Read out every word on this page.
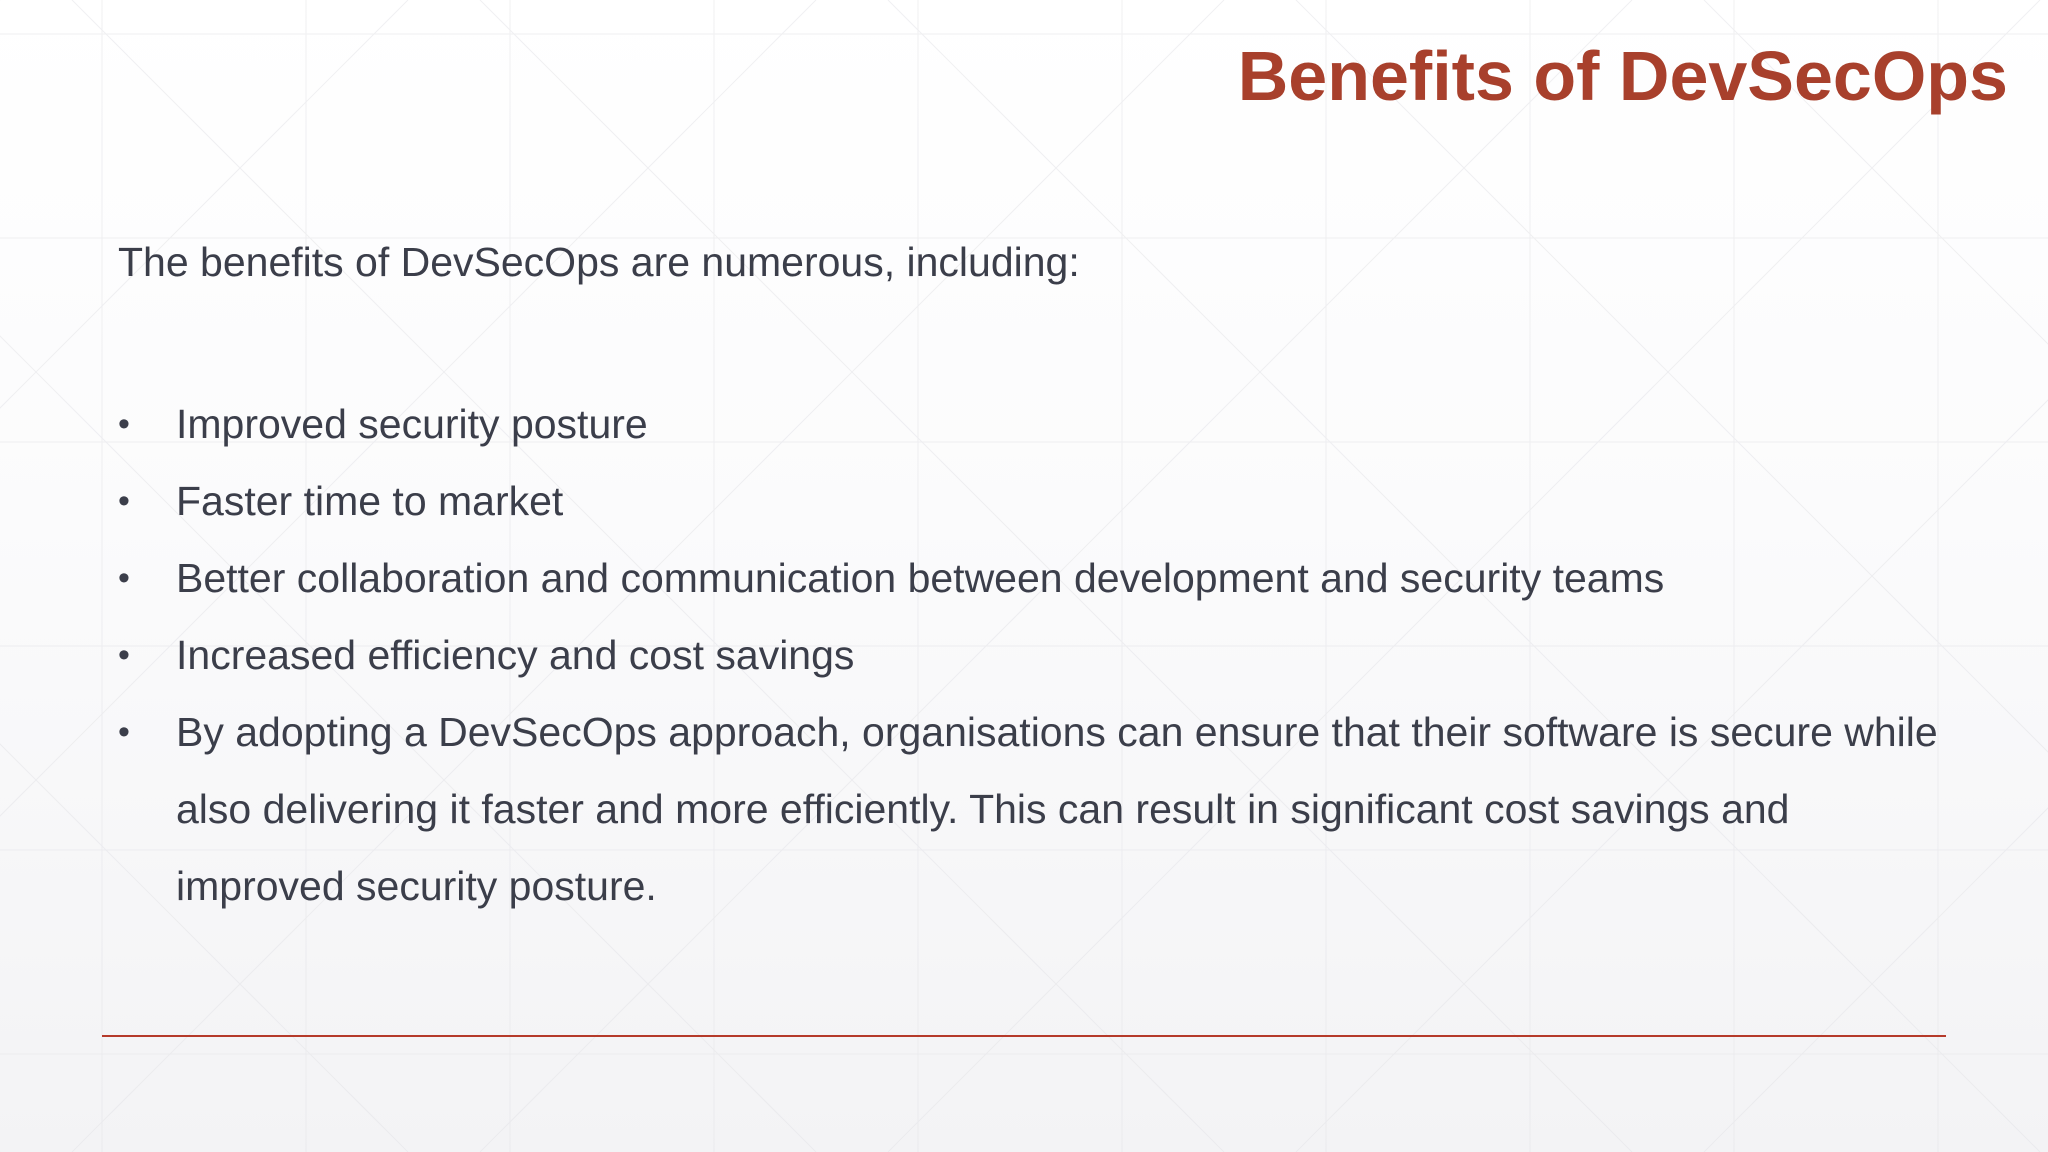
Benefits of DevSecOps

The benefits of DevSecOps are numerous, including:

• Improved security posture
• Faster time to market
• Better collaboration and communication between development and security teams
• Increased efficiency and cost savings
• By adopting a DevSecOps approach, organisations can ensure that their software is secure while also delivering it faster and more efficiently. This can result in significant cost savings and improved security posture.
